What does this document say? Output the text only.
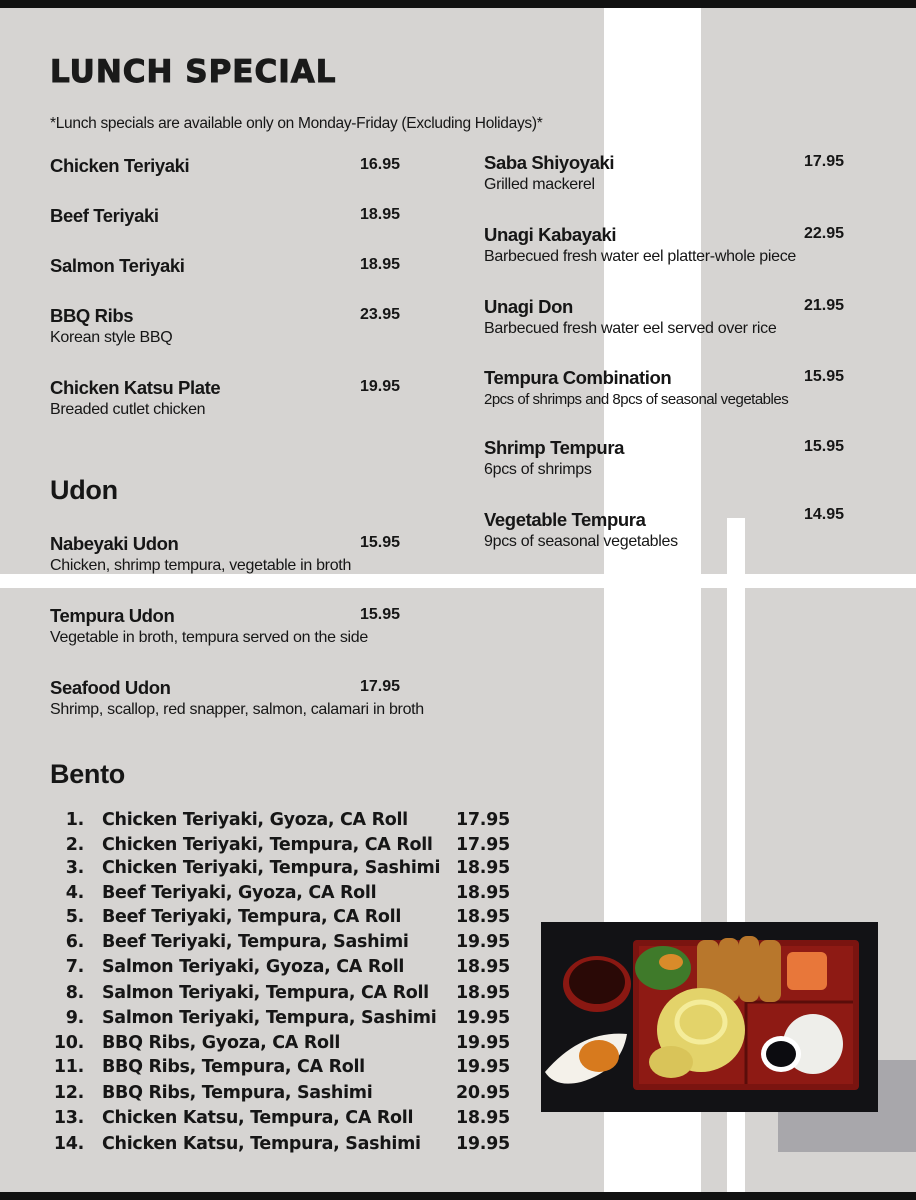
LUNCH SPECIAL
*Lunch specials are available only on Monday-Friday (Excluding Holidays)*
Chicken Teriyaki	16.95
Beef Teriyaki	18.95
Salmon Teriyaki	18.95
BBQ Ribs	23.95
Korean style BBQ
Chicken Katsu Plate	19.95
Breaded cutlet chicken
Saba Shiyoyaki	17.95
Grilled mackerel
Unagi Kabayaki	22.95
Barbecued fresh water eel platter-whole piece
Unagi Don	21.95
Barbecued fresh water eel served over rice
Tempura Combination	15.95
2pcs of shrimps and 8pcs of seasonal vegetables
Shrimp Tempura	15.95
6pcs of shrimps
Vegetable Tempura	14.95
9pcs of seasonal vegetables
Udon
Nabeyaki Udon	15.95
Chicken, shrimp tempura, vegetable in broth
Tempura Udon	15.95
Vegetable in broth, tempura served on the side
Seafood Udon	17.95
Shrimp, scallop, red snapper, salmon, calamari in broth
Bento
1. Chicken Teriyaki, Gyoza, CA Roll	17.95
2. Chicken Teriyaki, Tempura, CA Roll 17.95
3. Chicken Teriyaki, Tempura, Sashimi 18.95
4. Beef Teriyaki, Gyoza, CA Roll	18.95
5. Beef Teriyaki, Tempura, CA Roll	18.95
6. Beef Teriyaki, Tempura, Sashimi	19.95
7. Salmon Teriyaki, Gyoza, CA Roll	18.95
8. Salmon Teriyaki, Tempura, CA Roll 18.95
9. Salmon Teriyaki, Tempura, Sashimi 19.95
10. BBQ Ribs, Gyoza, CA Roll	19.95
11. BBQ Ribs, Tempura, CA Roll	19.95
12. BBQ Ribs, Tempura, Sashimi	20.95
13. Chicken Katsu, Tempura, CA Roll 18.95
14. Chicken Katsu, Tempura, Sashimi 19.95
